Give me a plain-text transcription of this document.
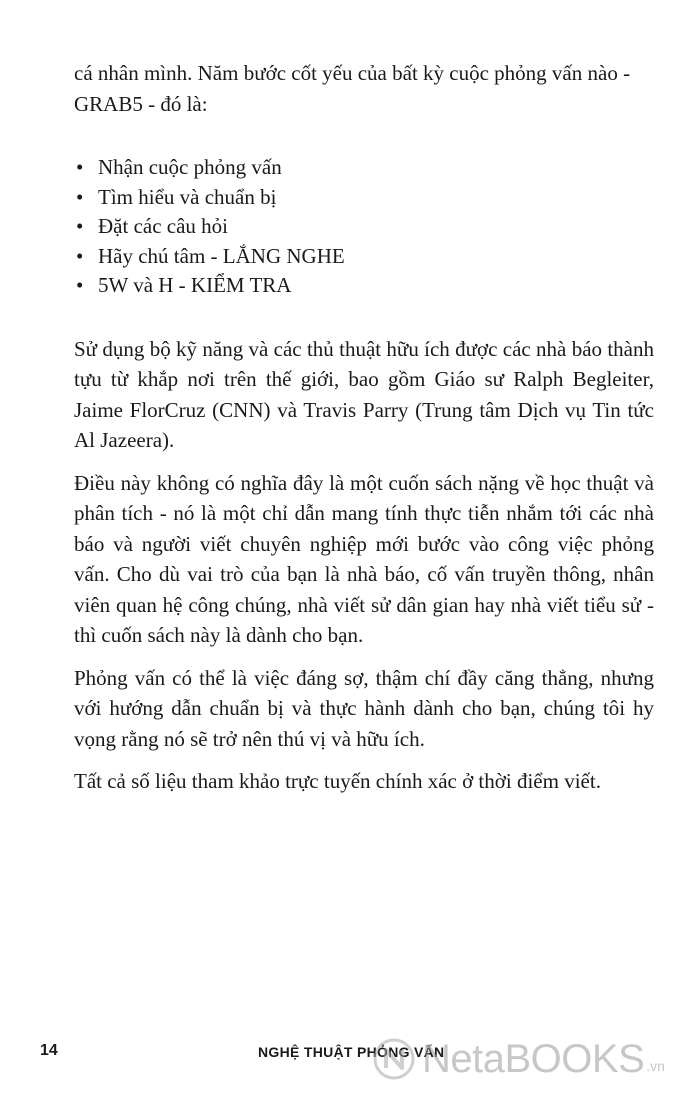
cá nhân mình. Năm bước cốt yếu của bất kỳ cuộc phỏng vấn nào - GRAB5 - đó là:

• Nhận cuộc phỏng vấn
• Tìm hiểu và chuẩn bị
• Đặt các câu hỏi
• Hãy chú tâm - LẮNG NGHE
• 5W và H - KIỂM TRA

Sử dụng bộ kỹ năng và các thủ thuật hữu ích được các nhà báo thành tựu từ khắp nơi trên thế giới, bao gồm Giáo sư Ralph Begleiter, Jaime FlorCruz (CNN) và Travis Parry (Trung tâm Dịch vụ Tin tức Al Jazeera).

Điều này không có nghĩa đây là một cuốn sách nặng về học thuật và phân tích - nó là một chỉ dẫn mang tính thực tiễn nhắm tới các nhà báo và người viết chuyên nghiệp mới bước vào công việc phỏng vấn. Cho dù vai trò của bạn là nhà báo, cố vấn truyền thông, nhân viên quan hệ công chúng, nhà viết sử dân gian hay nhà viết tiểu sử - thì cuốn sách này là dành cho bạn.

Phỏng vấn có thể là việc đáng sợ, thậm chí đầy căng thẳng, nhưng với hướng dẫn chuẩn bị và thực hành dành cho bạn, chúng tôi hy vọng rằng nó sẽ trở nên thú vị và hữu ích.

Tất cả số liệu tham khảo trực tuyến chính xác ở thời điểm viết.

14	NGHỆ THUẬT PHỎNG VẤN
NetaBOOKS .vn
